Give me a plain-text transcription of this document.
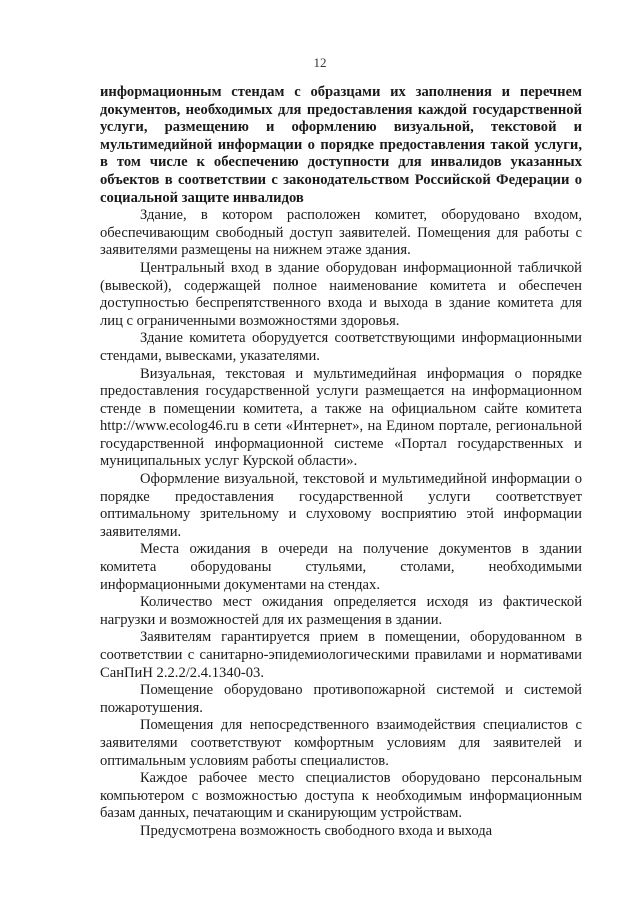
12

информационным стендам с образцами их заполнения и перечнем документов, необходимых для предоставления каждой государственной услуги, размещению и оформлению визуальной, текстовой и мультимедийной информации о порядке предоставления такой услуги, в том числе к обеспечению доступности для инвалидов указанных объектов в соответствии с законодательством Российской Федерации о социальной защите инвалидов

Здание, в котором расположен комитет, оборудовано входом, обеспечивающим свободный доступ заявителей. Помещения для работы с заявителями размещены на нижнем этаже здания.

Центральный вход в здание оборудован информационной табличкой (вывеской), содержащей полное наименование комитета и обеспечен доступностью беспрепятственного входа и выхода в здание комитета для лиц с ограниченными возможностями здоровья.

Здание комитета оборудуется соответствующими информационными стендами, вывесками, указателями.

Визуальная, текстовая и мультимедийная информация о порядке предоставления государственной услуги размещается на информационном стенде в помещении комитета, а также на официальном сайте комитета http://www.ecolog46.ru в сети «Интернет», на Едином портале, региональной государственной информационной системе «Портал государственных и муниципальных услуг Курской области».

Оформление визуальной, текстовой и мультимедийной информации о порядке предоставления государственной услуги соответствует оптимальному зрительному и слуховому восприятию этой информации заявителями.

Места ожидания в очереди на получение документов в здании комитета оборудованы стульями, столами, необходимыми информационными документами на стендах.

Количество мест ожидания определяется исходя из фактической нагрузки и возможностей для их размещения в здании.

Заявителям гарантируется прием в помещении, оборудованном в соответствии с санитарно-эпидемиологическими правилами и нормативами СанПиН 2.2.2/2.4.1340-03.

Помещение оборудовано противопожарной системой и системой пожаротушения.

Помещения для непосредственного взаимодействия специалистов с заявителями соответствуют комфортным условиям для заявителей и оптимальным условиям работы специалистов.

Каждое рабочее место специалистов оборудовано персональным компьютером с возможностью доступа к необходимым информационным базам данных, печатающим и сканирующим устройствам.

Предусмотрена возможность свободного входа и выхода
